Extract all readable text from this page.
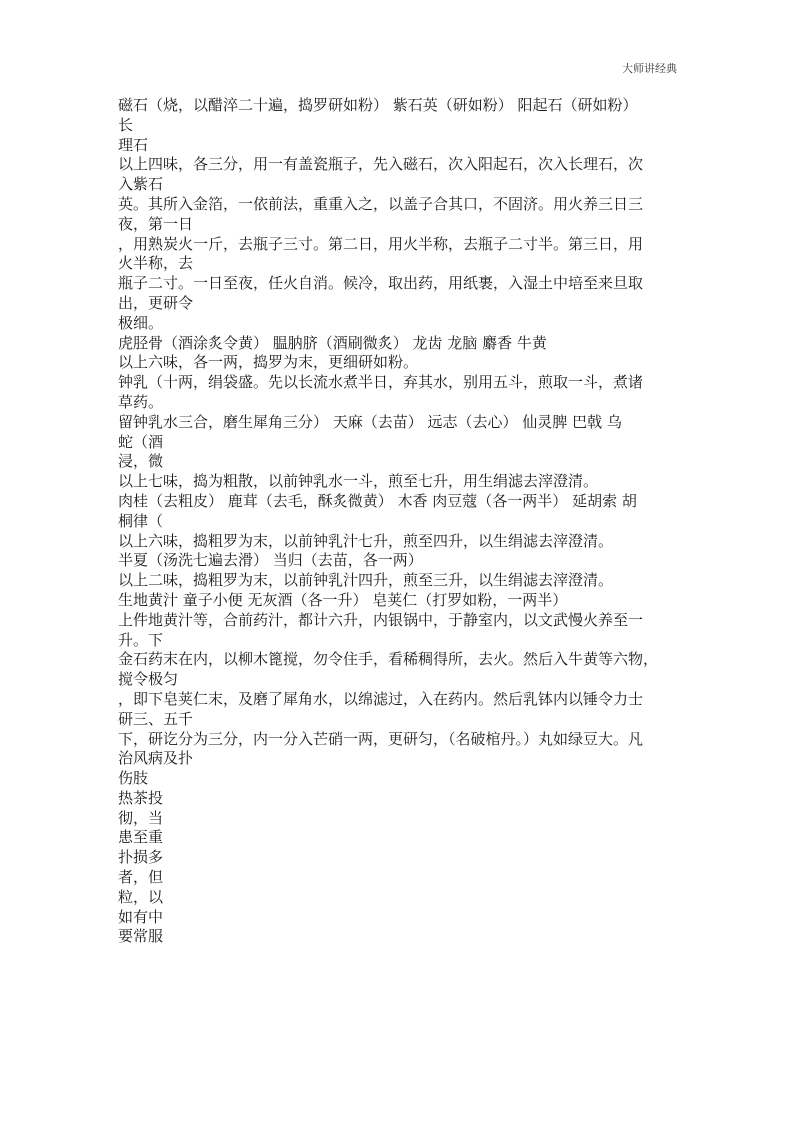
大师讲经典
磁石（烧，以醋淬二十遍，捣罗研如粉） 紫石英（研如粉） 阳起石（研如粉）
长
理石
以上四味，各三分，用一有盖瓷瓶子，先入磁石，次入阳起石，次入长理石，次
入紫石
英。其所入金箔，一依前法，重重入之，以盖子合其口，不固济。用火养三日三
夜，第一日
，用熟炭火一斤，去瓶子三寸。第二日，用火半称，去瓶子二寸半。第三日，用
火半称，去
瓶子二寸。一日至夜，任火自消。候冷，取出药，用纸裹，入湿土中培至来旦取
出，更研令
极细。
虎胫骨（酒涂炙令黄） 腽肭脐（酒刷微炙） 龙齿 龙脑 麝香 牛黄
以上六味，各一两，捣罗为末，更细研如粉。
钟乳（十两，绢袋盛。先以长流水煮半日，弃其水，别用五斗，煎取一斗，煮诸
草药。
留钟乳水三合，磨生犀角三分） 天麻（去苗） 远志（去心） 仙灵脾 巴戟 乌
蛇（酒
浸，微
以上七味，捣为粗散，以前钟乳水一斗，煎至七升，用生绢滤去滓澄清。
肉桂（去粗皮） 鹿茸（去毛，酥炙微黄） 木香 肉豆蔻（各一两半） 延胡索 胡
桐律（
以上六味，捣粗罗为末，以前钟乳汁七升，煎至四升，以生绢滤去滓澄清。
半夏（汤洗七遍去滑） 当归（去苗，各一两）
以上二味，捣粗罗为末，以前钟乳汁四升，煎至三升，以生绢滤去滓澄清。
生地黄汁 童子小便 无灰酒（各一升） 皂荚仁（打罗如粉，一两半）
上件地黄汁等，合前药汁，都计六升，内银锅中，于静室内，以文武慢火养至一
升。下
金石药末在内，以柳木篦搅，勿令住手，看稀稠得所，去火。然后入牛黄等六物，
搅令极匀
，即下皂荚仁末，及磨了犀角水，以绵滤过，入在药内。然后乳钵内以锤令力士
研三、五千
下，研讫分为三分，内一分入芒硝一两，更研匀，（名破棺丹。）丸如绿豆大。凡
治风病及扑
伤肢
热茶投
彻，当
患至重
扑损多
者，但
粒，以
如有中
要常服
